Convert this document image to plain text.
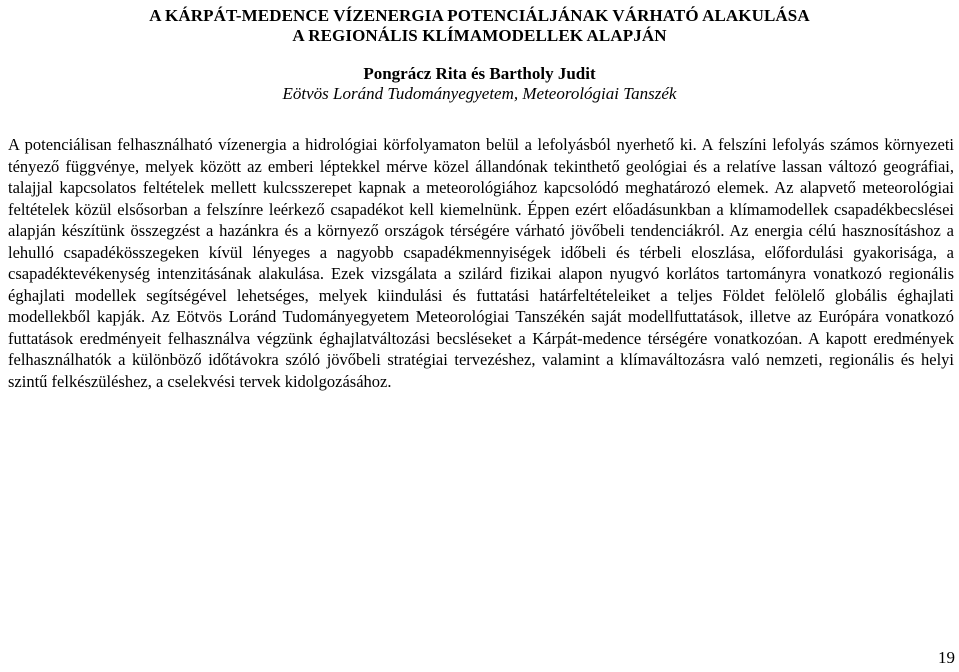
A KÁRPÁT-MEDENCE VÍZENERGIA POTENCIÁLJÁNAK VÁRHATÓ ALAKULÁSA
A REGIONÁLIS KLÍMAMODELLEK ALAPJÁN
Pongrácz Rita és Bartholy Judit
Eötvös Loránd Tudományegyetem, Meteorológiai Tanszék

A potenciálisan felhasználható vízenergia a hidrológiai körfolyamaton belül a lefolyásból nyerhető ki. A felszíni lefolyás számos környezeti tényező függvénye, melyek között az emberi léptekkel mérve közel állandónak tekinthető geológiai és a relatíve lassan változó geográfiai, talajjal kapcsolatos feltételek mellett kulcsszerepet kapnak a meteorológiához kapcsolódó meghatározó elemek. Az alapvető meteorológiai feltételek közül elsősorban a felszínre leérkező csapadékot kell kiemelnünk. Éppen ezért előadásunkban a klímamodellek csapadékbecslései alapján készítünk összegzést a hazánkra és a környező országok térségére várható jövőbeli tendenciákról. Az energia célú hasznosításhoz a lehulló csapadékösszegeken kívül lényeges a nagyobb csapadékmennyiségek időbeli és térbeli eloszlása, előfordulási gyakorisága, a csapadéktevékenység intenzitásának alakulása. Ezek vizsgálata a szilárd fizikai alapon nyugvó korlátos tartományra vonatkozó regionális éghajlati modellek segítségével lehetséges, melyek kiindulási és futtatási határfeltételeiket a teljes Földet felölelő globális éghajlati modellekből kapják. Az Eötvös Loránd Tudományegyetem Meteorológiai Tanszékén saját modellfuttatások, illetve az Európára vonatkozó futtatások eredményeit felhasználva végzünk éghajlatváltozási becsléseket a Kárpát-medence térségére vonatkozóan. A kapott eredmények felhasználhatók a különböző időtávokra szóló jövőbeli stratégiai tervezéshez, valamint a klímaváltozásra való nemzeti, regionális és helyi szintű felkészüléshez, a cselekvési tervek kidolgozásához.

19
